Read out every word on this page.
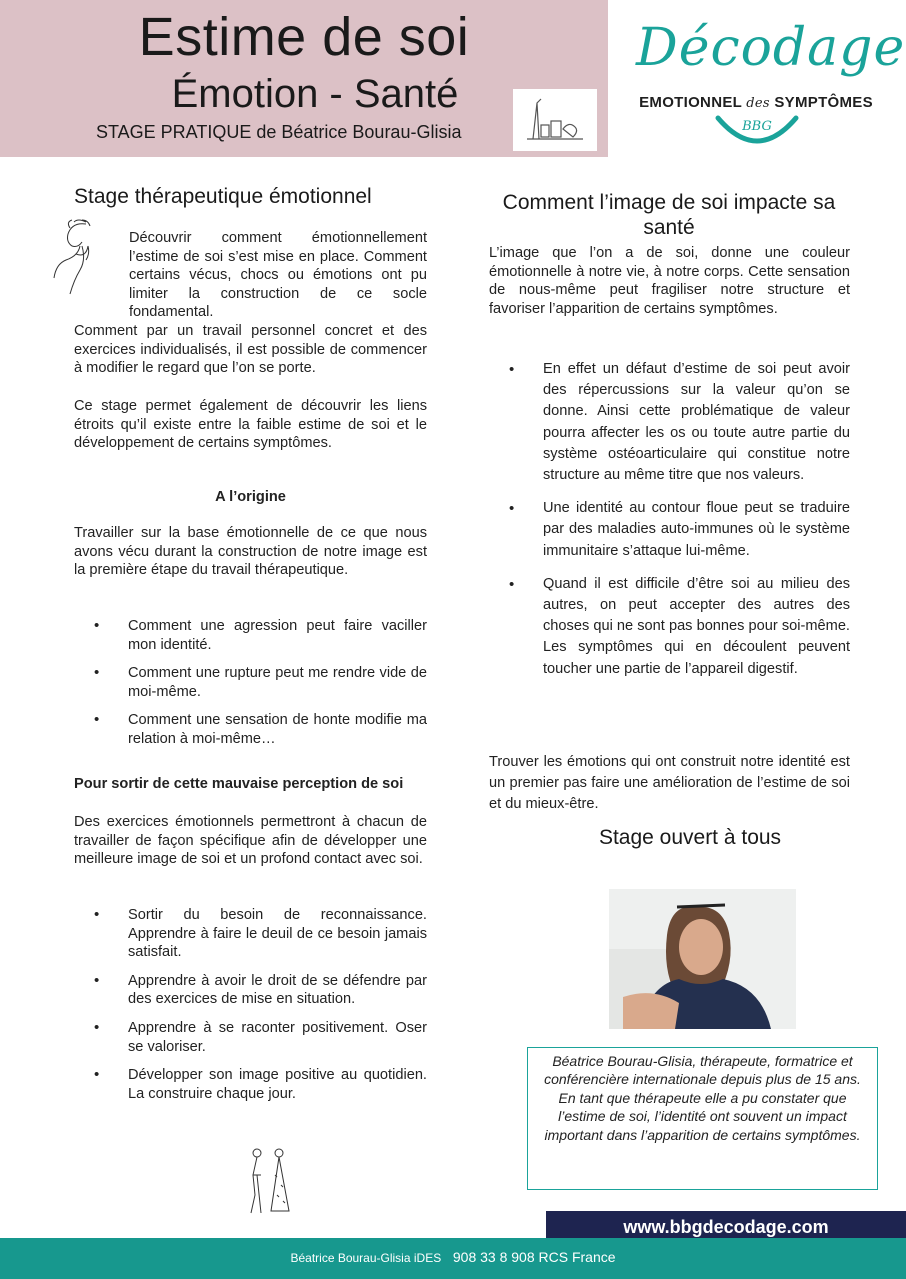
Estime de soi
Émotion - Santé
STAGE PRATIQUE de Béatrice Bourau-Glisia
Décodage
EMOTIONNEL des SYMPTÔMES
BBG
Stage thérapeutique émotionnel
Découvrir comment émotionnellement l’estime de soi s’est mise en place. Comment certains vécus, chocs ou émotions ont pu limiter la construction de ce socle fondamental.
Comment par un travail personnel concret et des exercices individualisés, il est possible de commencer à modifier le regard que l’on se porte.
Ce stage permet également de découvrir les liens étroits qu’il existe entre la faible estime de soi et le développement de certains symptômes.
A l’origine
Travailler sur la base émotionnelle de ce que nous avons vécu durant la construction de notre image est la première étape du travail thérapeutique.
• Comment une agression peut faire vaciller mon identité.
• Comment une rupture peut me rendre vide de moi-même.
• Comment une sensation de honte modifie ma relation à moi-même…
Pour sortir de cette mauvaise perception de soi
Des exercices émotionnels permettront à chacun de travailler de façon spécifique afin de développer une meilleure image de soi et un profond contact avec soi.
• Sortir du besoin de reconnaissance. Apprendre à faire le deuil de ce besoin jamais satisfait.
• Apprendre à avoir le droit de se défendre par des exercices de mise en situation.
• Apprendre à se raconter positivement. Oser se valoriser.
• Développer son image positive au quotidien. La construire chaque jour.
Comment l’image de soi impacte sa santé
L’image que l’on a de soi, donne une couleur émotionnelle à notre vie, à notre corps. Cette sensation de nous-même peut fragiliser notre structure et favoriser l’apparition de certains symptômes.
• En effet un défaut d’estime de soi peut avoir des répercussions sur la valeur qu’on se donne. Ainsi cette problématique de valeur pourra affecter les os ou toute autre partie du système ostéoarticulaire qui constitue notre structure au même titre que nos valeurs.
• Une identité au contour floue peut se traduire par des maladies auto-immunes où le système immunitaire s’attaque lui-même.
• Quand il est difficile d’être soi au milieu des autres, on peut accepter des autres des choses qui ne sont pas bonnes pour soi-même. Les symptômes qui en découlent peuvent toucher une partie de l’appareil digestif.
Trouver les émotions qui ont construit notre identité est un premier pas faire une amélioration de l’estime de soi et du mieux-être.
Stage ouvert à tous
Béatrice Bourau-Glisia, thérapeute, formatrice et conférencière internationale depuis plus de 15 ans. En tant que thérapeute elle a pu constater que l’estime de soi, l’identité ont souvent un impact important dans l’apparition de certains symptômes.
www.bbgdecodage.com
Béatrice Bourau-Glisia iDES 908 33 8 908 RCS France
